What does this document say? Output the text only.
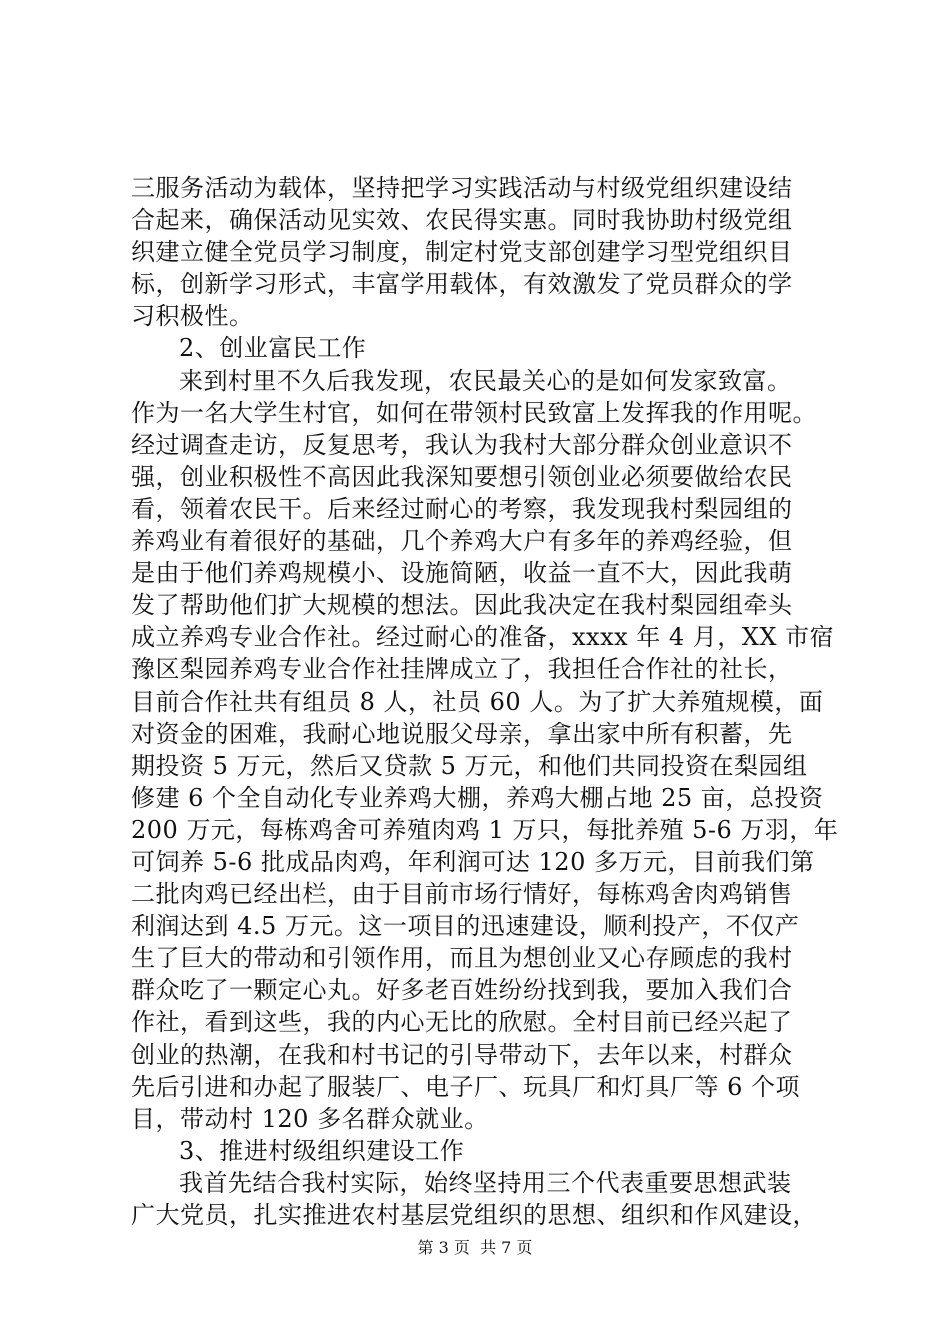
三服务活动为载体，坚持把学习实践活动与村级党组织建设结
合起来，确保活动见实效、农民得实惠。同时我协助村级党组
织建立健全党员学习制度，制定村党支部创建学习型党组织目
标，创新学习形式，丰富学用载体，有效激发了党员群众的学
习积极性。
2、创业富民工作
来到村里不久后我发现，农民最关心的是如何发家致富。
作为一名大学生村官，如何在带领村民致富上发挥我的作用呢。
经过调查走访，反复思考，我认为我村大部分群众创业意识不
强，创业积极性不高因此我深知要想引领创业必须要做给农民
看，领着农民干。后来经过耐心的考察，我发现我村梨园组的
养鸡业有着很好的基础，几个养鸡大户有多年的养鸡经验，但
是由于他们养鸡规模小、设施简陋，收益一直不大，因此我萌
发了帮助他们扩大规模的想法。因此我决定在我村梨园组牵头
成立养鸡专业合作社。经过耐心的准备，xxxx 年 4 月，XX 市宿
豫区梨园养鸡专业合作社挂牌成立了，我担任合作社的社长，
目前合作社共有组员 8 人，社员 60 人。为了扩大养殖规模，面
对资金的困难，我耐心地说服父母亲，拿出家中所有积蓄，先
期投资 5 万元，然后又贷款 5 万元，和他们共同投资在梨园组
修建 6 个全自动化专业养鸡大棚，养鸡大棚占地 25 亩，总投资
200 万元，每栋鸡舍可养殖肉鸡 1 万只，每批养殖 5-6 万羽，年
可饲养 5-6 批成品肉鸡，年利润可达 120 多万元，目前我们第
二批肉鸡已经出栏，由于目前市场行情好，每栋鸡舍肉鸡销售
利润达到 4.5 万元。这一项目的迅速建设，顺利投产，不仅产
生了巨大的带动和引领作用，而且为想创业又心存顾虑的我村
群众吃了一颗定心丸。好多老百姓纷纷找到我，要加入我们合
作社，看到这些，我的内心无比的欣慰。全村目前已经兴起了
创业的热潮，在我和村书记的引导带动下，去年以来，村群众
先后引进和办起了服装厂、电子厂、玩具厂和灯具厂等 6 个项
目，带动村 120 多名群众就业。
3、推进村级组织建设工作
我首先结合我村实际，始终坚持用三个代表重要思想武装
广大党员，扎实推进农村基层党组织的思想、组织和作风建设，
第 3 页  共 7 页
